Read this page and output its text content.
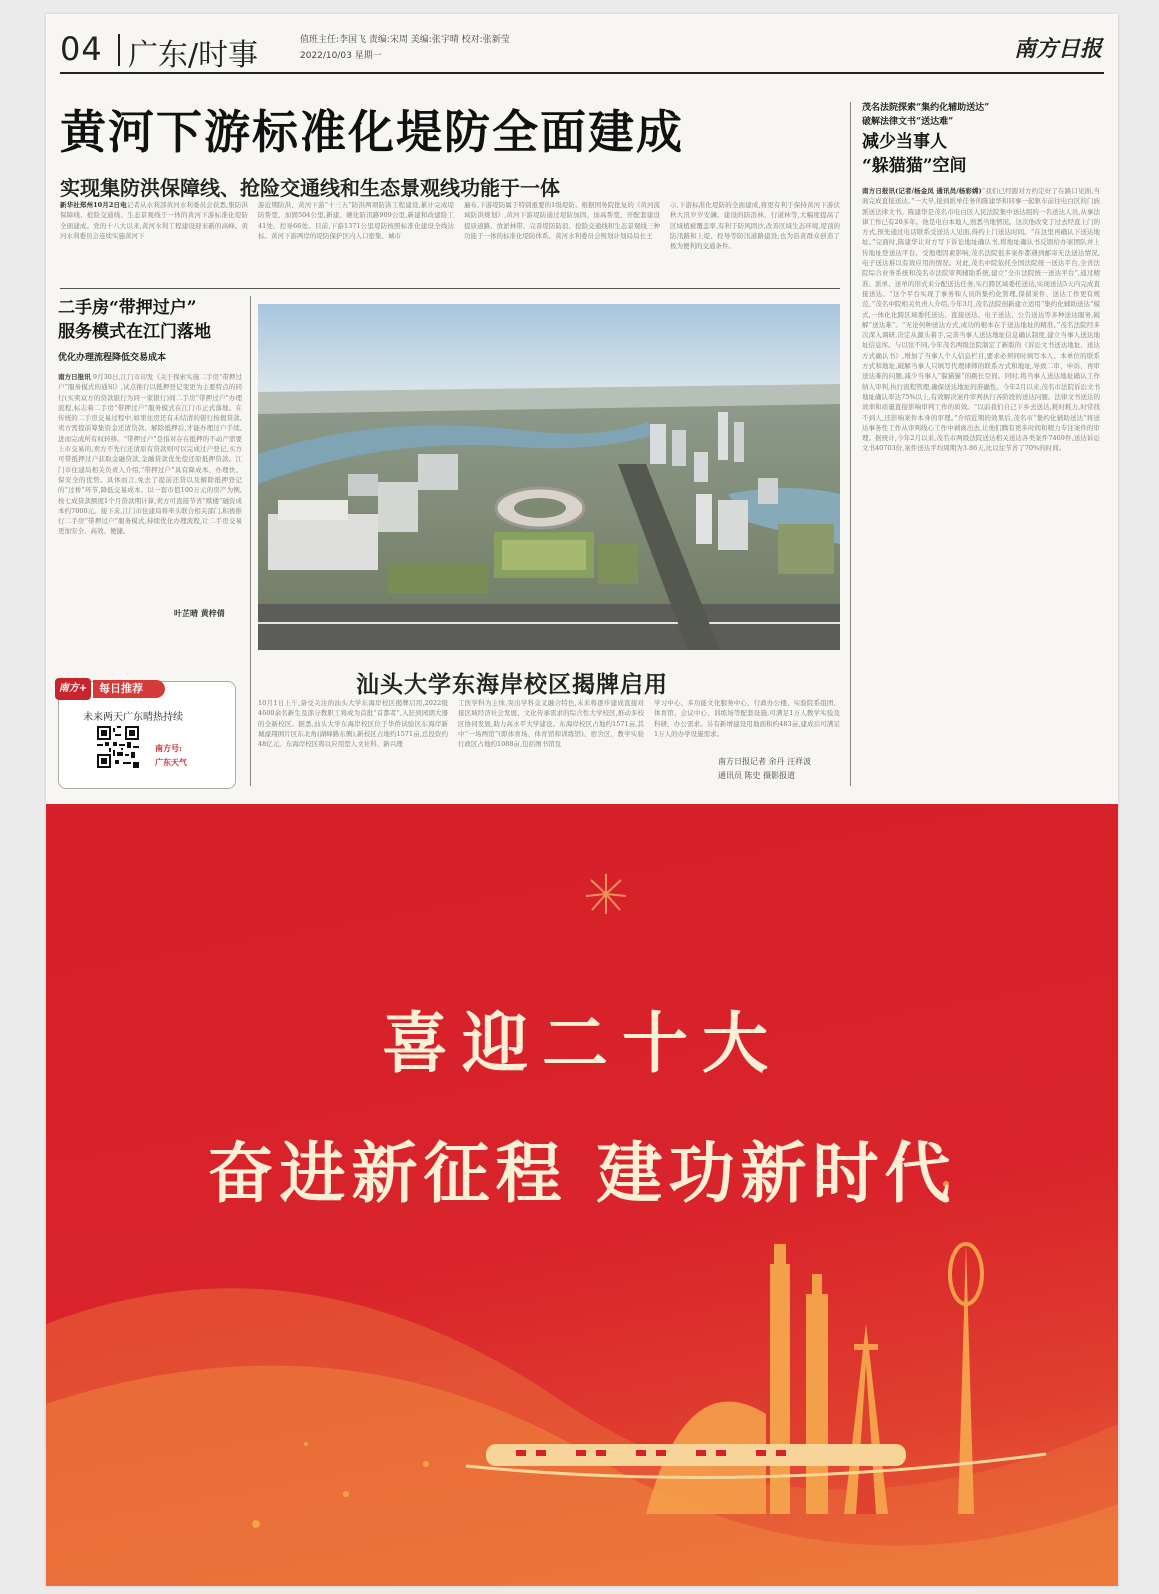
04 广东/时事	值班主任:李国飞 责编:宋周 美编:张宇晴 校对:张新莹
2022/10/03 星期一	南方日报
黄河下游标准化堤防全面建成
实现集防洪保障线、抢险交通线和生态景观线功能于一体
新华社郑州10月2日电记者从水利部黄河水利委员会获悉,集防洪保障线、抢险交通线、生态景观线于一体的黄河下游标准化堤防全面建成。党的十八大以来,黄河水利工程建设迎来新的高峰。黄河水利委员会连续实施黄河下
游近期防洪、黄河下游“十三五”防洪两项防洪工程建设,累计完成堤防帮宽、加固504公里,新建、硬化防汛路909公里,新建和改建险工41处、控导66处。目前,下游1371公里堤防按照标准化建设全线达标。黄河下游两岸的堤防保护区内人口密集、城市
遍布,下游堤防属于特别重要的1级堤防。根据国务院批复的《黄河流域防洪规划》,黄河下游堤防通过堤防加固、加高帮宽、开配套建设提质道路、放淤林带、完善堤防防浪、抢险交通线和生态景观线三种功能于一体的标准化堤防体系。黄河水利委员会规划计划局局长王
示,下游标准化堤防的全面建成,将更有利于保持黄河下游伏秋大汛岁岁安澜。建设的防浪林、行道林等,大幅度提高了区域植被覆盖率,有利于防风固沙,改善区域生态环境,堤顶的防汛路和上堤、控导等防汛道路建设,也为沿黄群众创造了极为便利的交通条件。
二手房“带押过户”
服务模式在江门落地
优化办理流程降低交易成本
南方日报讯 9月30日,江门市印发《关于探索实施二手房“带押过户”服务模式的通知》,试点推行以抵押登记变更为主要特点的同行(买卖双方的贷款银行为同一家银行)间二手房“带押过户”办理流程,标志着二手房“带押过户”服务模式在江门市正式落地。在传统的二手房交易过程中,如果住房还有未结清的银行按揭贷款,卖方需提前筹集资金还清贷款、解除抵押后,才能办理过户手续,进而完成所有权转移。“带押过户”是指对存在抵押的不动产需要上市交易的,卖方不先行还清原有贷款则可以完成过户登记,买方可带抵押过户获取金融贷款,金融贷款优先偿还原抵押贷款。江门市住建局相关负责人介绍,“带押过户”具有降成本、办理快、保安全的优势。具体而言,免去了提前还贷以及解除抵押登记的“过桥”环节,降低交易成本。以一套市值100万元的房产为例,按七成贷款额度1个月贷款期计算,卖方可直接节省“赎楼”融资成本约7000元。接下来,江门市住建局将牵头联合相关部门,积极推行二手房“带押过户”服务模式,持续优化办理流程,让二手房交易更加安全、高效、便捷。
叶芷晴 黄梓倩
南方+	每日推荐
未来两天广东晴热持续
南方号:
广东天气
汕头大学东海岸校区揭牌启用
10月1日上午,备受关注的汕头大学东海岸校区揭牌启用,2022级4600余名新生及部分教职工将成为首批“首都者”,入驻到园朗大器的全新校区。据悉,汕头大学东海岸校区位于华侨试验区东海岸新城濠翔围片区东北角(湖峰路东侧),新校区占地约1571亩,总投资约48亿元。东海岸校区将以应用型人文社科、新兴理
工医学科为主体,突出学科交叉融合特色,未来将逐步建成直接对接区域经济社会发展、文化传承需求的综合性大学校区,推动多校区协同发展,助力高水平大学建设。东海岸校区占地约1571亩,其中“一场两馆”(即体育场、体育馆和训练馆)、宿舍区、教学实验行政区占地约1088亩,包括图书馆及
学习中心、多功能文化服务中心、行政办公楼、实验院系组团、体育馆、会议中心、训练场等配套设施,可满足1万人教学实验及科研、办公需求。另有新增建设用地面积约483亩,建成后可满足1万人的办学设施需求。
南方日报记者 余丹 汪祥波
通讯员 陈史 摄影报道
茂名法院探索“集约化辅助送达”
破解法律文书“送达难”
减少当事人
“躲猫猫”空间
南方日报讯(记者/杨金凤 通讯员/杨彩嫦)“我们已经跟对方约定好了在路口见面,当面完成直接送达。”一大早,接到派单任务的陈建华和同事一起驱车前往电白区的门族派送法律文书。陈建华是茂名市电白区人民法院集中送达组的一名送达人员,从事法律工作已有20多年。他是电白本地人,熟悉当地情况。这次他改变了过去经直上门的方式,预先通过电话联系受送达人见面,得约上门送达时间。“在这里再确认下送达地址。”完面时,陈建华让对方写下诉讼地址确认书,将地址确认书反馈给办案团队并上传地址登送达平台。受地理因素影响,茂名法院很多案件都遇到邮寄无法送达情况,电子送达难以有效应用的情况。对此,茂名中院依托全国法院统一送达平台,全省法院综合业务系统和茂名市法院审判辅助系统,建立“全市法院统一送达平台”,通过精准、派单、送单的形式来分配送达任务,实行跨区域委托送达,实现送达5天内完成直接送达。“这个平台实现了事务和人员的集约化管理,保留案件、送达工作更有规范。”茂名中院相关负责人介绍,今年3月,茂名法院创新建立适用“集约化辅助送达”模式,一体化化跨区域委托送达、直接送达、电子送达、公告送达等多种送达服务,破解“送达难”。“无论何种送达方式,成功的根本在于送达地址的精准。”茂名法院经多次深入调研,决定从源头着手,完善当事人送达地址信息确认制度,建立当事人送达地址信息库。与以往不同,今年茂名两级法院制定了新版的《诉讼文书送达地址、送达方式确认书》,增加了当事人个人信息栏目,要求必须同时填写本人、本单位的联系方式和地址,破解当事人只填写代理律师的联系方式和地址,导致二审、申诉、再审送达难的问题,减少当事人“躲猫猫”的跳长空间。同时,将当事人送达地址确认工作纳入审判,执行流程管理,确保送达地址的准确性。今年2月以来,茂名市法院诉讼文书地址确认率达75%以上,有效解决案件审判执行各阶段的送达问题。法律文书送达的效率和质量直接影响审判工作的质效。“以前我们自己下乡去送达,耗时耗力,时常找不到人,还影响案件本身的审理。”介绍近期的效果后,茂名市“集约化辅助送达”将送达事务性工作从审判线心工作中剥离出去,让他们腾有更多时间和精力专注案件的审理。据统计,今年2月以来,茂名市两级法院送达相关送达各类案件7469件,送达诉讼文书40703份,案件送达平均周期为3.86天,比以往节省了70%的时间。
喜迎二十大
奋进新征程 建功新时代
